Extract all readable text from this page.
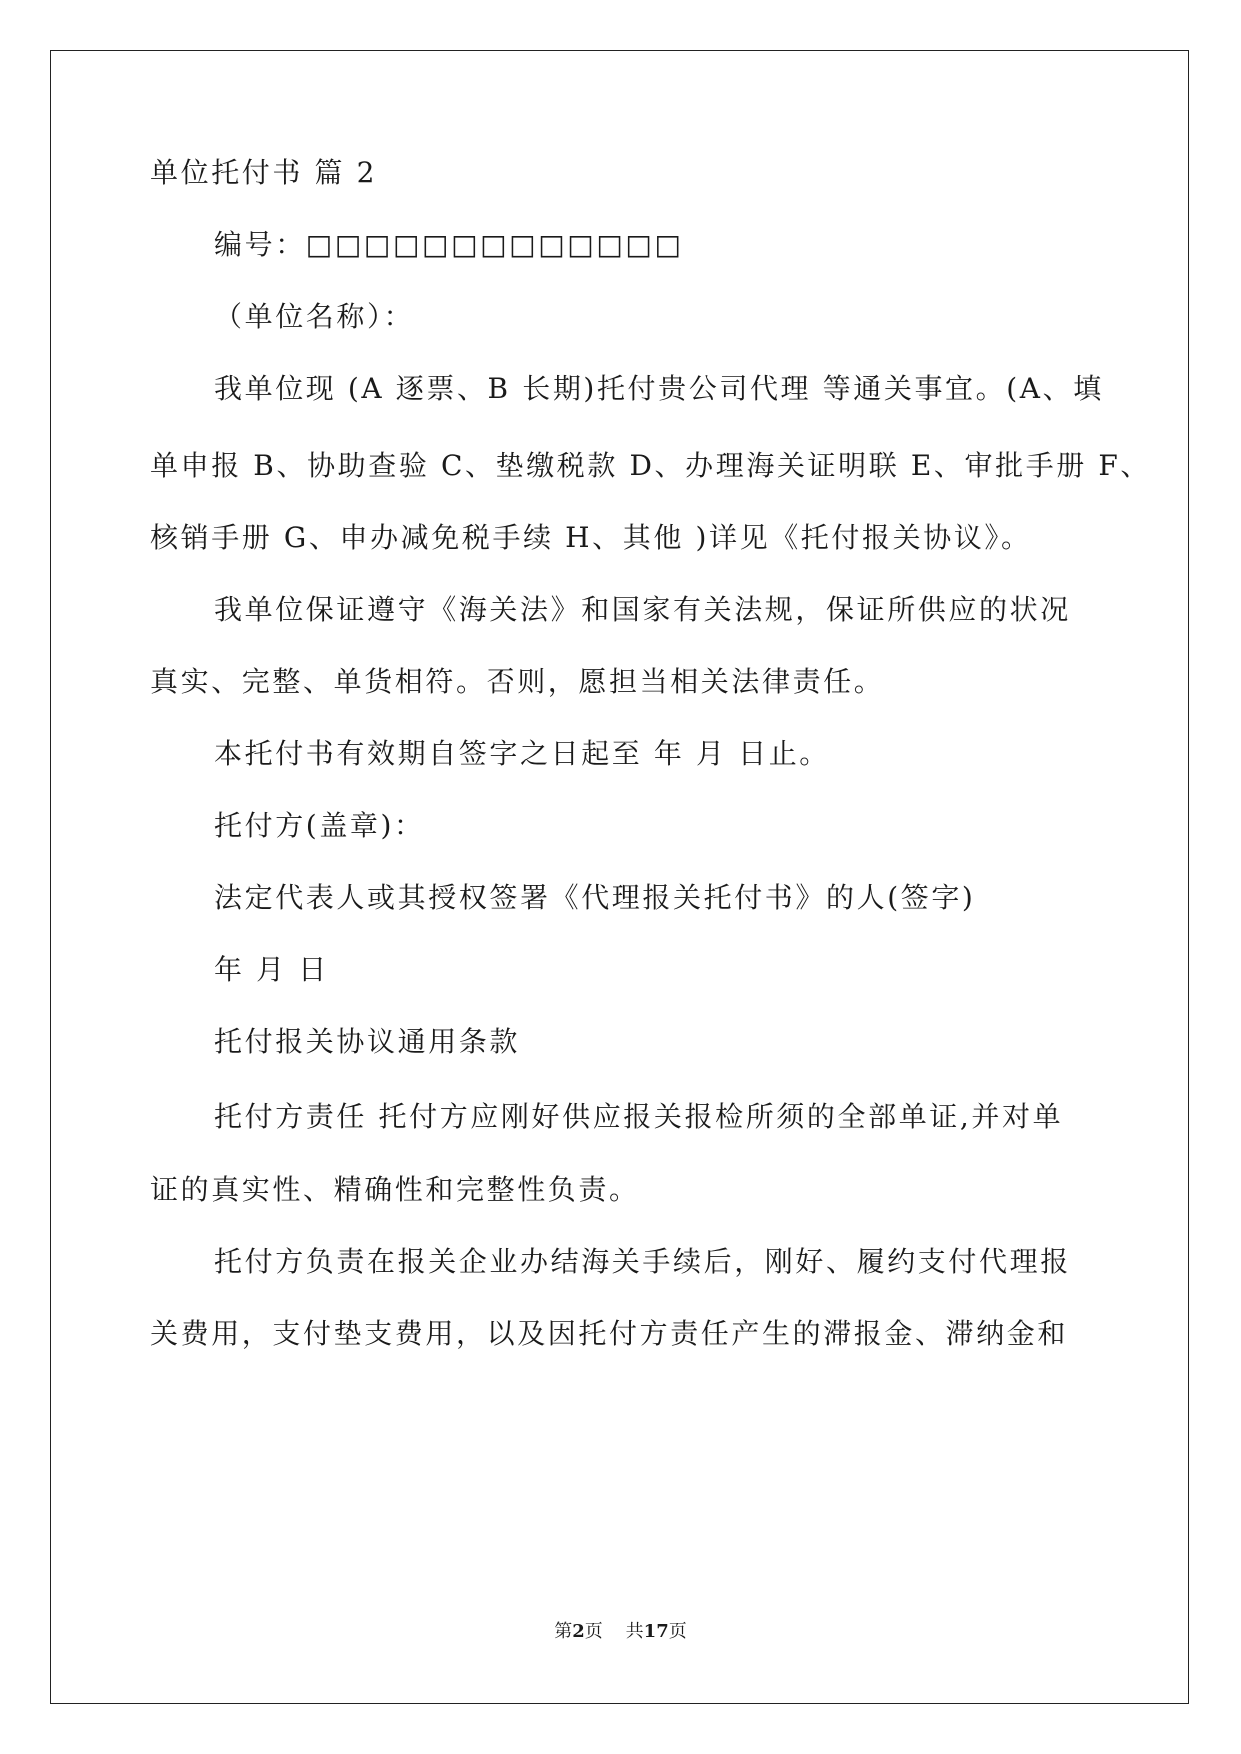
单位托付书 篇 2
编号：□□□□□□□□□□□□□
（单位名称）：
我单位现 (A 逐票、B 长期)托付贵公司代理 等通关事宜。(A、填
单申报 B、协助查验 C、垫缴税款 D、办理海关证明联 E、审批手册 F、
核销手册 G、申办减免税手续 H、其他 )详见《托付报关协议》。
我单位保证遵守《海关法》和国家有关法规，保证所供应的状况
真实、完整、单货相符。否则，愿担当相关法律责任。
本托付书有效期自签字之日起至 年 月 日止。
托付方(盖章)：
法定代表人或其授权签署《代理报关托付书》的人(签字)
年 月 日
托付报关协议通用条款
托付方责任 托付方应刚好供应报关报检所须的全部单证,并对单
证的真实性、精确性和完整性负责。
托付方负责在报关企业办结海关手续后，刚好、履约支付代理报
关费用，支付垫支费用，以及因托付方责任产生的滞报金、滞纳金和
第2页    共17页
